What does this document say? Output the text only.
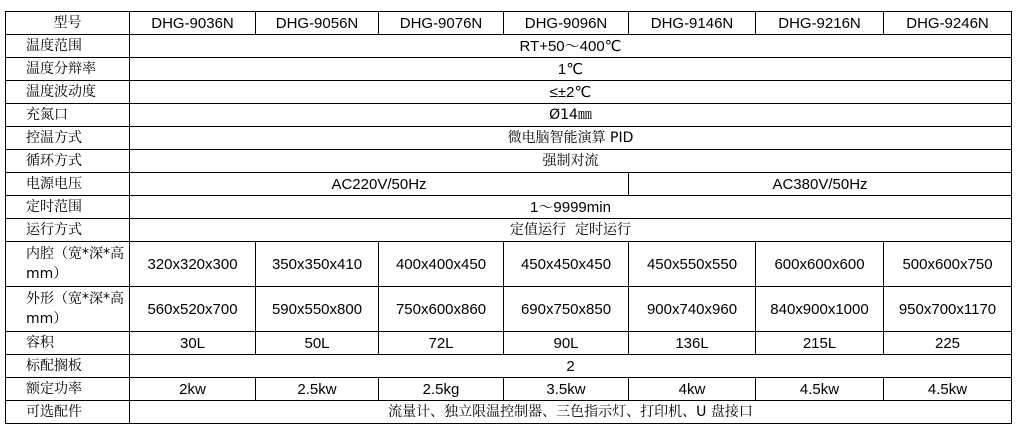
型号	DHG-9036N	DHG-9056N	DHG-9076N	DHG-9096N	DHG-9146N	DHG-9216N	DHG-9246N
温度范围	RT+50～400℃						
温度分辩率	1℃						
温度波动度	≤±2℃						
充氮口	Ø14㎜						
控温方式	微电脑智能演算 PID						
循环方式	强制对流						
电源电压	AC220V/50Hz				AC380V/50Hz		
定时范围	1～9999min						
运行方式	定值运行  定时运行						
内腔（宽*深*高 mm）	320x320x300	350x350x410	400x400x450	450x450x450	450x550x550	600x600x600	500x600x750
外形（宽*深*高 mm）	560x520x700	590x550x800	750x600x860	690x750x850	900x740x960	840x900x1000	950x700x1170
容积	30L	50L	72L	90L	136L	215L	225
标配搁板	2						
额定功率	2kw	2.5kw	2.5kg	3.5kw	4kw	4.5kw	4.5kw
可选配件	流量计、独立限温控制器、三色指示灯、打印机、U 盘接口						
